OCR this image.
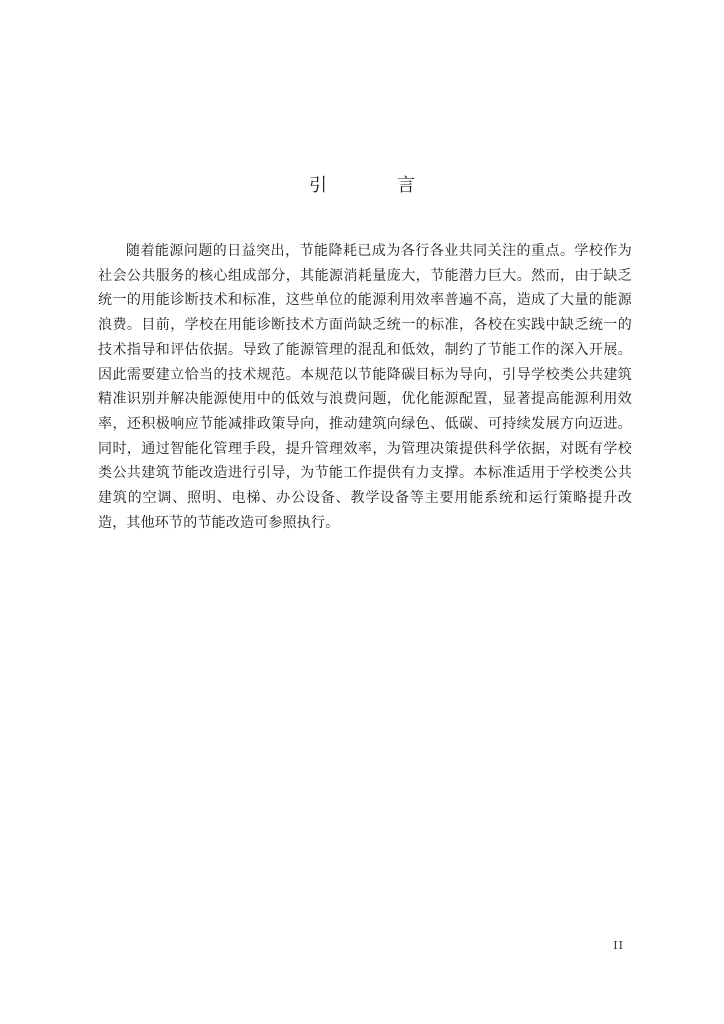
引　言

随着能源问题的日益突出，节能降耗已成为各行各业共同关注的重点。学校作为社会公共服务的核心组成部分，其能源消耗量庞大，节能潜力巨大。然而，由于缺乏统一的用能诊断技术和标准，这些单位的能源利用效率普遍不高，造成了大量的能源浪费。目前，学校在用能诊断技术方面尚缺乏统一的标准，各校在实践中缺乏统一的技术指导和评估依据。导致了能源管理的混乱和低效，制约了节能工作的深入开展。因此需要建立恰当的技术规范。本规范以节能降碳目标为导向，引导学校类公共建筑精准识别并解决能源使用中的低效与浪费问题，优化能源配置，显著提高能源利用效率，还积极响应节能减排政策导向，推动建筑向绿色、低碳、可持续发展方向迈进。同时，通过智能化管理手段，提升管理效率，为管理决策提供科学依据，对既有学校类公共建筑节能改造进行引导，为节能工作提供有力支撑。本标准适用于学校类公共建筑的空调、照明、电梯、办公设备、教学设备等主要用能系统和运行策略提升改造，其他环节的节能改造可参照执行。

II
